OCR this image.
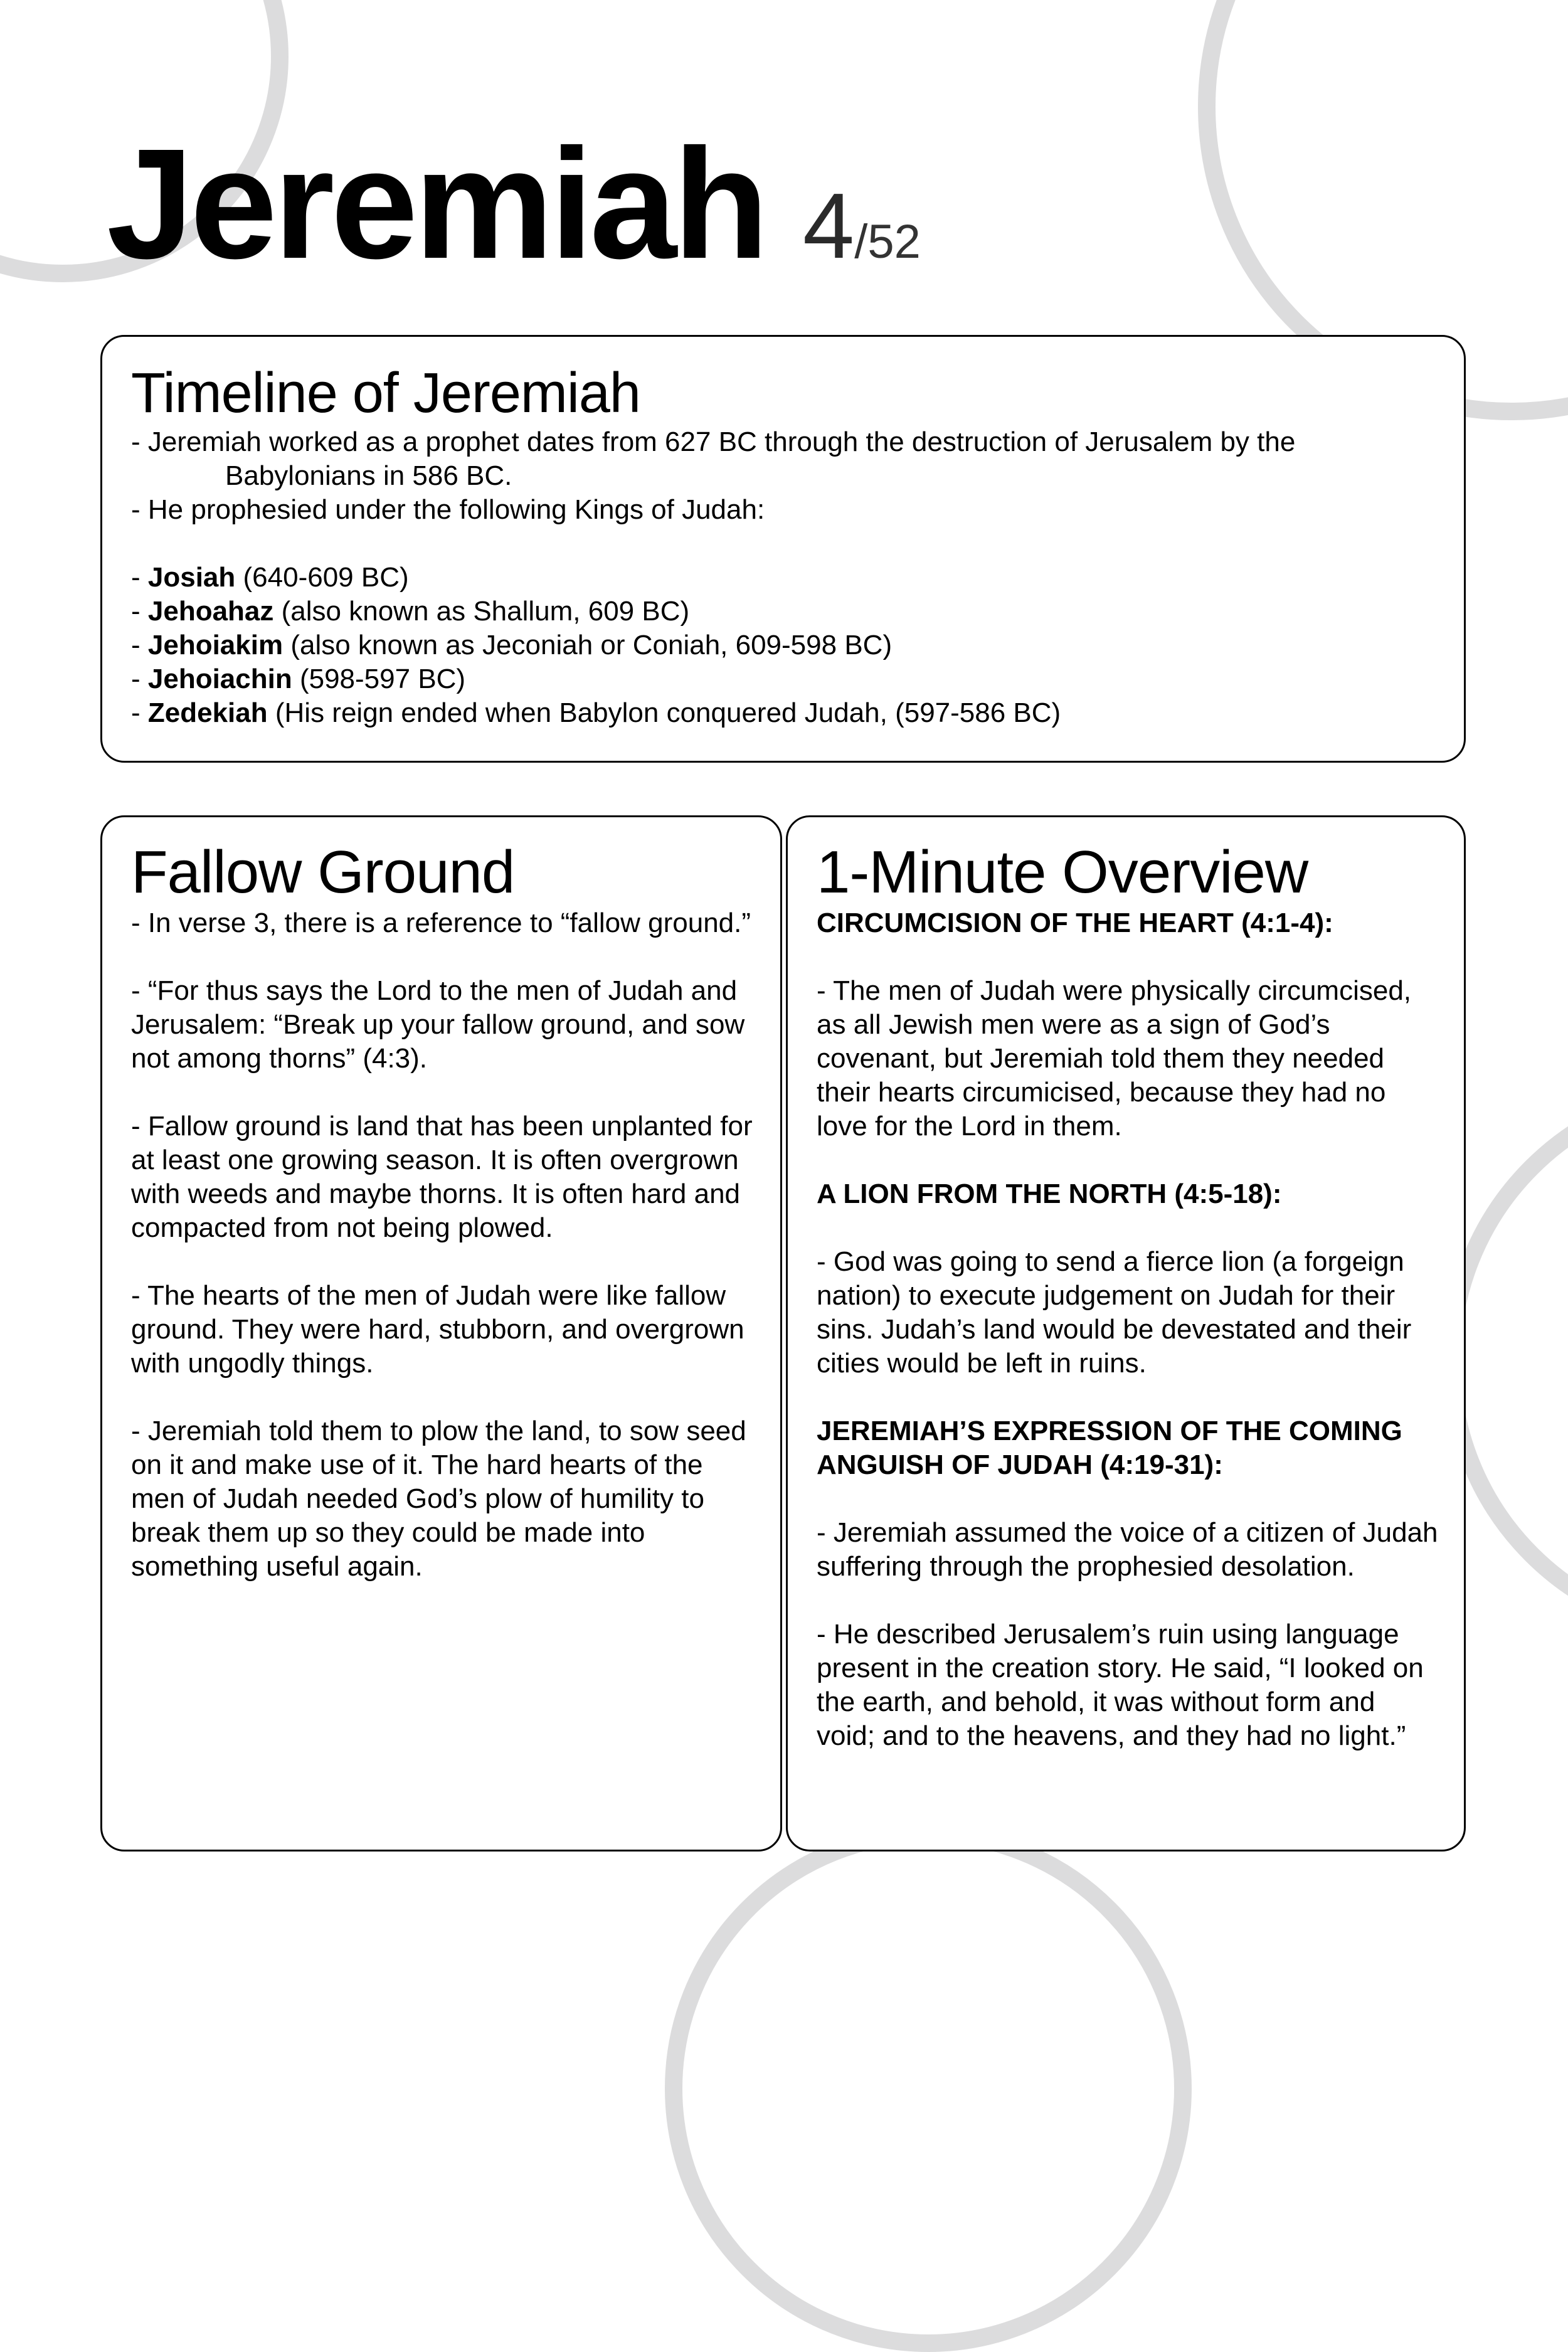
Jeremiah 4/52
Timeline of Jeremiah

- Jeremiah worked as a prophet dates from 627 BC through the destruction of Jerusalem by the

Babylonians in 586 BC.

- He prophesied under the following Kings of Judah:

- Josiah (640-609 BC)

- Jehoahaz (also known as Shallum, 609 BC)

- Jehoiakim (also known as Jeconiah or Coniah, 609-598 BC)

- Jehoiachin (598-597 BC)

- Zedekiah (His reign ended when Babylon conquered Judah, (597-586 BC)

Fallow Ground

- In verse 3, there is a reference to “fallow ground.”

- “For thus says the Lord to the men of Judah and Jerusalem: “Break up your fallow ground, and sow not among thorns” (4:3).

- Fallow ground is land that has been unplanted for at least one growing season. It is often overgrown with weeds and maybe thorns. It is often hard and compacted from not being plowed.

- The hearts of the men of Judah were like fallow ground. They were hard, stubborn, and overgrown with ungodly things.

- Jeremiah told them to plow the land, to sow seed on it and make use of it. The hard hearts of the men of Judah needed God’s plow of humility to break them up so they could be made into something useful again.

1-Minute Overview

CIRCUMCISION OF THE HEART (4:1-4):

- The men of Judah were physically circumcised, as all Jewish men were as a sign of God’s covenant, but Jeremiah told them they needed their hearts circumicised, because they had no love for the Lord in them.

A LION FROM THE NORTH (4:5-18):

- God was going to send a fierce lion (a forgeign nation) to execute judgement on Judah for their sins. Judah’s land would be devestated and their cities would be left in ruins.

JEREMIAH’S EXPRESSION OF THE COMING ANGUISH OF JUDAH (4:19-31):

- Jeremiah assumed the voice of a citizen of Judah suffering through the prophesied desolation.

- He described Jerusalem’s ruin using language present in the creation story. He said, “I looked on the earth, and behold, it was without form and void; and to the heavens, and they had no light.”
